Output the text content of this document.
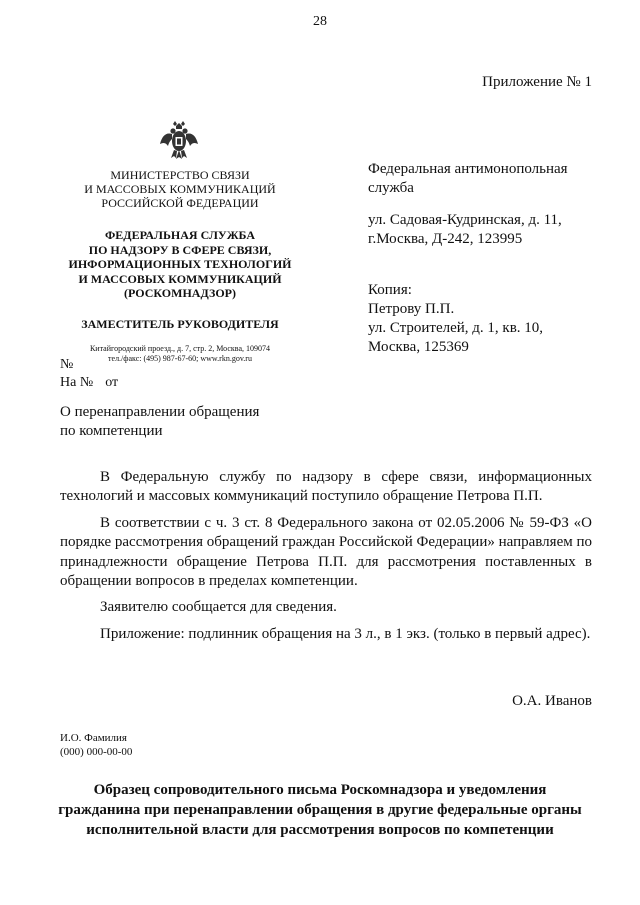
28
Приложение № 1
МИНИСТЕРСТВО СВЯЗИ
И МАССОВЫХ КОММУНИКАЦИЙ
РОССИЙСКОЙ ФЕДЕРАЦИИ
ФЕДЕРАЛЬНАЯ СЛУЖБА
ПО НАДЗОРУ В СФЕРЕ СВЯЗИ,
ИНФОРМАЦИОННЫХ ТЕХНОЛОГИЙ
И МАССОВЫХ КОММУНИКАЦИЙ
(РОСКОМНАДЗОР)
ЗАМЕСТИТЕЛЬ РУКОВОДИТЕЛЯ
Китайгородский проезд., д. 7, стр. 2, Москва, 109074
тел./факс: (495) 987-67-60; www.rkn.gov.ru
Федеральная антимонопольная
служба
ул. Садовая-Кудринская, д. 11,
г.Москва, Д-242, 123995
Копия:
Петрову П.П.
ул. Строителей, д. 1, кв. 10,
Москва, 125369
№
На № от
О перенаправлении обращения
по компетенции

В Федеральную службу по надзору в сфере связи, информационных технологий и массовых коммуникаций поступило обращение Петрова П.П.

В соответствии с ч. 3 ст. 8 Федерального закона от 02.05.2006 № 59-ФЗ «О порядке рассмотрения обращений граждан Российской Федерации» направляем по принадлежности обращение Петрова П.П. для рассмотрения поставленных в обращении вопросов в пределах компетенции.

Заявителю сообщается для сведения.

Приложение: подлинник обращения на 3 л., в 1 экз. (только в первый адрес).

О.А. Иванов
И.О. Фамилия
(000) 000-00-00
Образец сопроводительного письма Роскомнадзора и уведомления
гражданина при перенаправлении обращения в другие федеральные органы
исполнительной власти для рассмотрения вопросов по компетенции
